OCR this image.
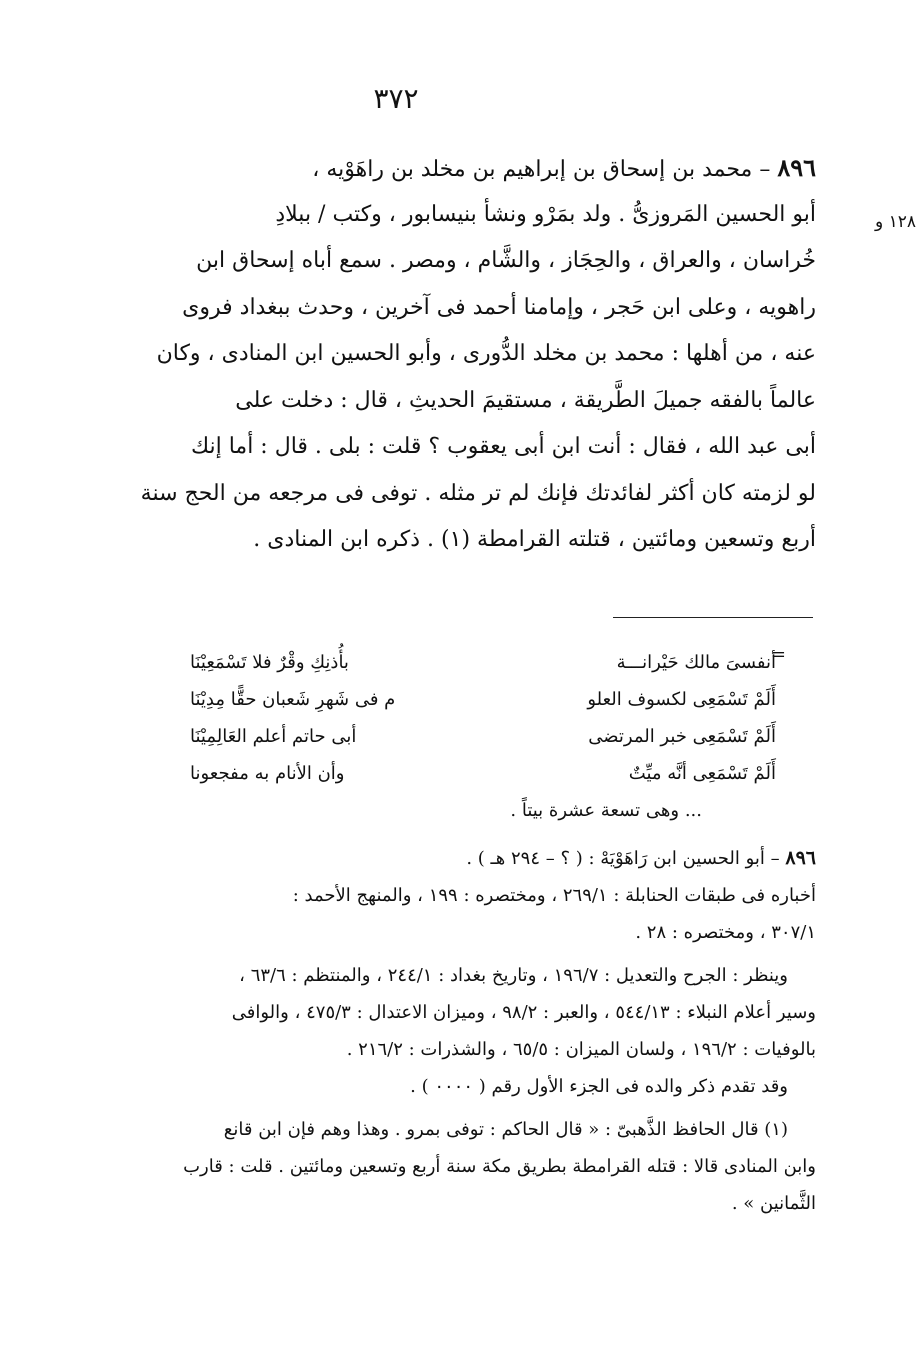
٣٧٢
١٢٨ و
٨٩٦ – محمد بن إسحاق بن إبراهيم بن مخلد بن راهَوْيه ،
أبو الحسين المَروزىُّ . ولد بمَرْو ونشأ بنيسابور ، وكتب / ببلادِ
خُراسان ، والعراق ، والحِجَاز ، والشَّام ، ومصر . سمع أباه إسحاق ابن
راهويه ، وعلى ابن حَجر ، وإمامنا أحمد فى آخرين ، وحدث ببغداد فروى
عنه ، من أهلها : محمد بن مخلد الدُّورى ، وأبو الحسين ابن المنادى ، وكان
عالماً بالفقه جميلَ الطَّريقة ، مستقيمَ الحديثِ ، قال : دخلت على
أبى عبد الله ، فقال : أنت ابن أبى يعقوب ؟ قلت : بلى . قال : أما إنك
لو لزمته كان أكثر لفائدتك فإنك لم تر مثله . توفى فى مرجعه من الحج سنة
أربع وتسعين ومائتين ، قتلته القرامطة (١) . ذكره ابن المنادى .
=
أنفسىَ مالك حَيْرانـــة
بأُذنِكِ وقْرٌ فلا تَسْمَعِيْنَا
أَلَمْ تَسْمَعِى لكسوف العلو
م فى شَهرِ شَعبان حقًّا مِدِيْنَا
أَلَمْ تَسْمَعِى خبر المرتضى
أبى حاتم أعلم العَالِمِيْنَا
أَلَمْ تَسْمَعِى أنَّه ميِّتٌ
وأن الأنام به مفجعونا
... وهى تسعة عشرة بيتاً .
٨٩٦ – أبو الحسين ابن رَاهَوْيَهْ : ( ؟ – ٢٩٤ هـ ) .
أخباره فى طبقات الحنابلة : ٢٦٩/١ ، ومختصره : ١٩٩ ، والمنهج الأحمد :
٣٠٧/١ ، ومختصره : ٢٨ .
وينظر : الجرح والتعديل : ١٩٦/٧ ، وتاريخ بغداد : ٢٤٤/١ ، والمنتظم : ٦٣/٦ ،
وسير أعلام النبلاء : ٥٤٤/١٣ ، والعبر : ٩٨/٢ ، وميزان الاعتدال : ٤٧٥/٣ ، والوافى
بالوفيات : ١٩٦/٢ ، ولسان الميزان : ٦٥/٥ ، والشذرات : ٢١٦/٢ .
وقد تقدم ذكر والده فى الجزء الأول رقم ( ٠٠٠٠ ) .
(١) قال الحافظ الذَّهبىّ : « قال الحاكم : توفى بمرو . وهذا وهم فإن ابن قانع
وابن المنادى قالا : قتله القرامطة بطريق مكة سنة أربع وتسعين ومائتين . قلت : قارب
الثَّمانين » .
